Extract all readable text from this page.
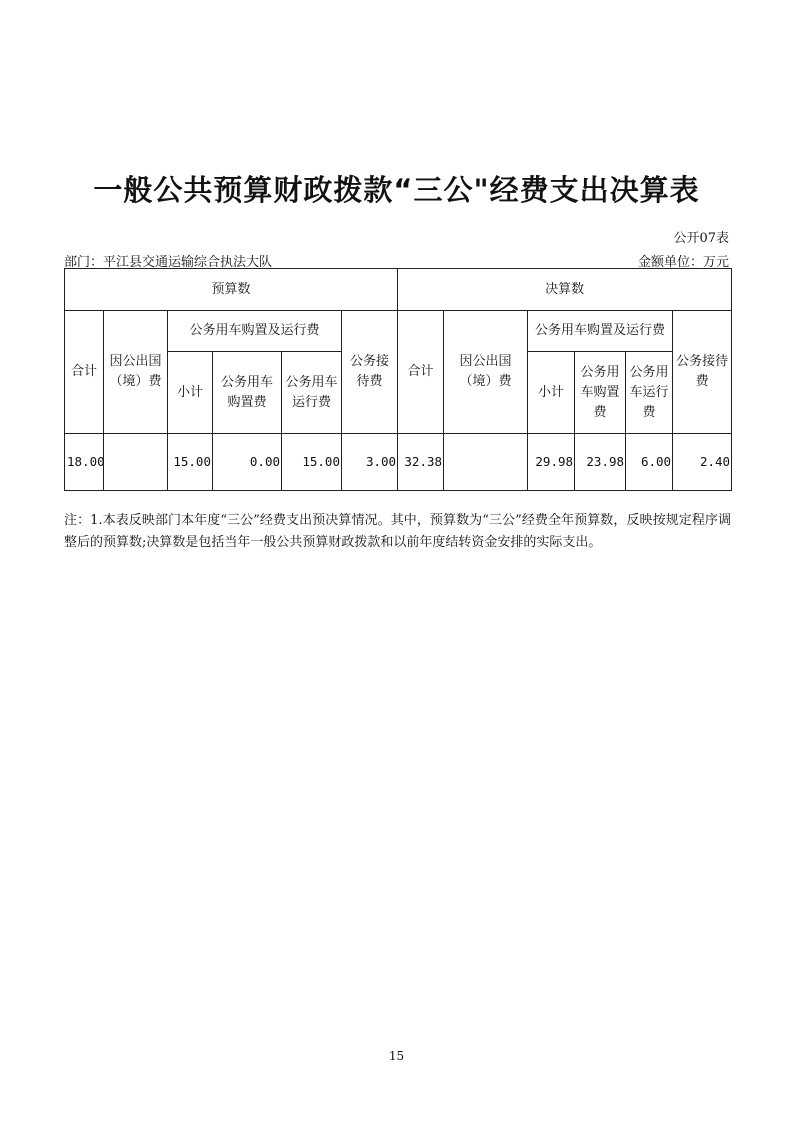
一般公共预算财政拨款“三公"经费支出决算表
公开07表
部门：平江县交通运输综合执法大队	金额单位：万元
预算数						决算数					
合计	因公出国（境）费	公务用车购置及运行费			公务接待费	合计	因公出国（境）费	公务用车购置及运行费			公务接待费
		小计	公务用车购置费	公务用车运行费				小计	公务用车购置费	公务用车运行费	
18.00		15.00	0.00	15.00	3.00	32.38		29.98	23.98	6.00	2.40
注：1.本表反映部门本年度“三公”经费支出预决算情况。其中，预算数为“三公”经费全年预算数，反映按规定程序调整后的预算数;决算数是包括当年一般公共预算财政拨款和以前年度结转资金安排的实际支出。
15
